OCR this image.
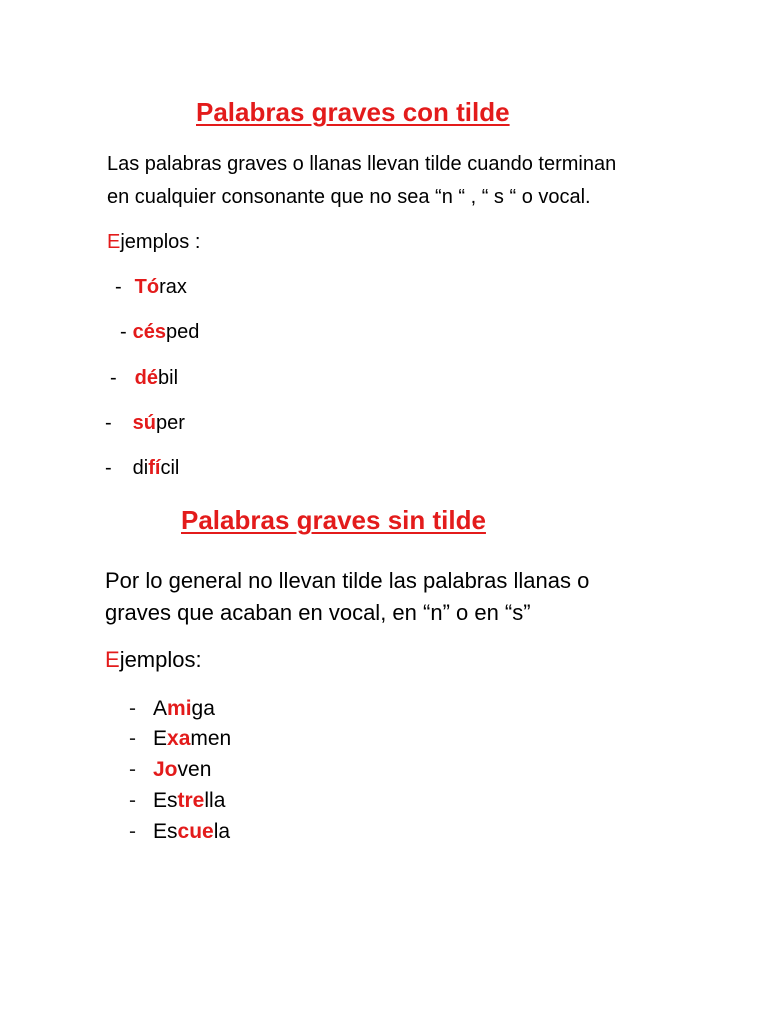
Palabras graves con tilde

Las palabras graves o llanas llevan tilde cuando terminan
en cualquier consonante que no sea “n “ , “ s “ o vocal.

Ejemplos :

- Tórax
- césped
- débil
- súper
- difícil
Palabras graves sin tilde

Por lo general no llevan tilde las palabras llanas o
graves que acaban en vocal, en “n” o en “s”

Ejemplos:

- Amiga
- Examen
- Joven
- Estrella
- Escuela
